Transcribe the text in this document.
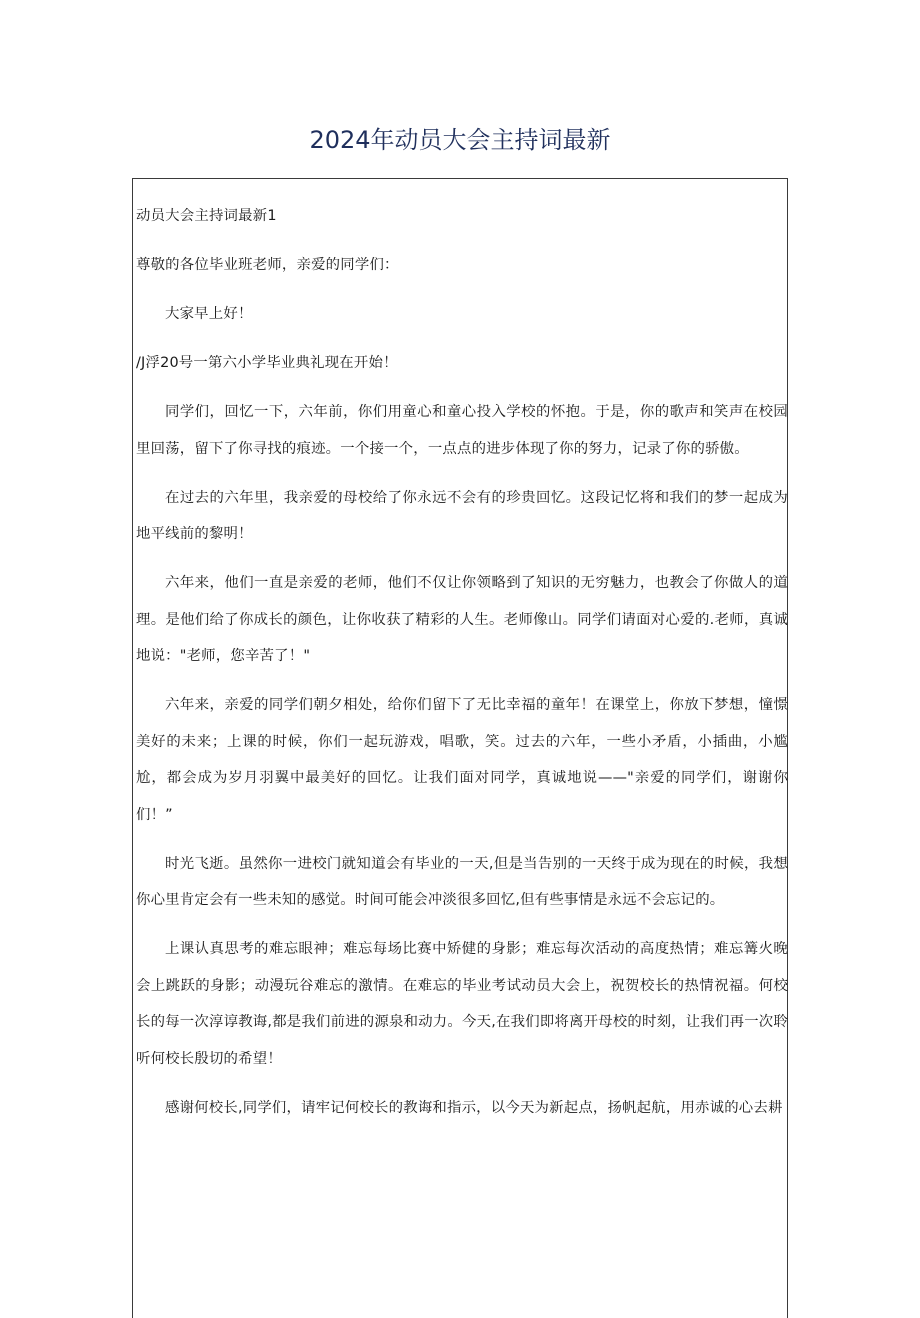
2024年动员大会主持词最新

动员大会主持词最新1

尊敬的各位毕业班老师，亲爱的同学们：

大家早上好！

/J浮20号一第六小学毕业典礼现在开始！

同学们，回忆一下，六年前，你们用童心和童心投入学校的怀抱。于是，你的歌声和笑声在校园里回荡，留下了你寻找的痕迹。一个接一个，一点点的进步体现了你的努力，记录了你的骄傲。

在过去的六年里，我亲爱的母校给了你永远不会有的珍贵回忆。这段记忆将和我们的梦一起成为地平线前的黎明！

六年来，他们一直是亲爱的老师，他们不仅让你领略到了知识的无穷魅力，也教会了你做人的道理。是他们给了你成长的颜色，让你收获了精彩的人生。老师像山。同学们请面对心爱的.老师，真诚地说："老师，您辛苦了！"

六年来，亲爱的同学们朝夕相处，给你们留下了无比幸福的童年！在课堂上，你放下梦想，憧憬美好的未来；上课的时候，你们一起玩游戏，唱歌，笑。过去的六年，一些小矛盾，小插曲，小尴尬，都会成为岁月羽翼中最美好的回忆。让我们面对同学，真诚地说——"亲爱的同学们，谢谢你们！”

时光飞逝。虽然你一进校门就知道会有毕业的一天,但是当告别的一天终于成为现在的时候，我想你心里肯定会有一些未知的感觉。时间可能会冲淡很多回忆,但有些事情是永远不会忘记的。

上课认真思考的难忘眼神；难忘每场比赛中矫健的身影；难忘每次活动的高度热情；难忘篝火晚会上跳跃的身影；动漫玩谷难忘的激情。在难忘的毕业考试动员大会上，祝贺校长的热情祝福。何校长的每一次淳谆教诲,都是我们前进的源泉和动力。今天,在我们即将离开母校的时刻，让我们再一次聆听何校长殷切的希望！

感谢何校长,同学们，请牢记何校长的教诲和指示，以今天为新起点，扬帆起航，用赤诚的心去耕
